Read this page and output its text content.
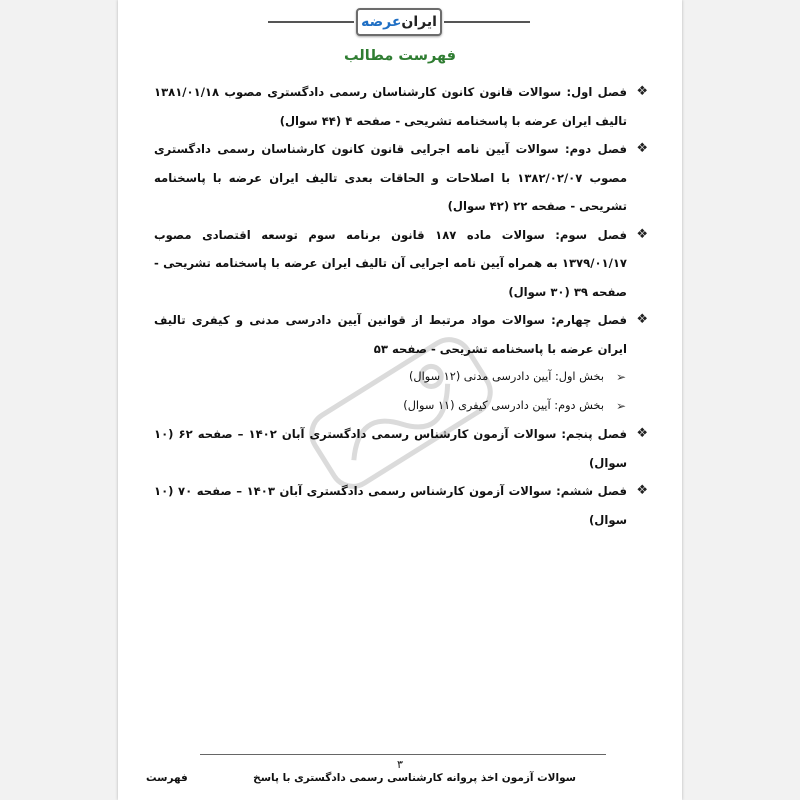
ایران
عرضه
فهرست مطالب
❖
فصل اول: سوالات قانون کانون کارشناسان رسمی دادگستری مصوب ۱۳۸۱/۰۱/۱۸ تالیف ایران عرضه با پاسخنامه تشریحی - صفحه ۴ (۴۴ سوال)
❖
فصل دوم: سوالات آیین نامه اجرایی قانون کانون کارشناسان رسمی دادگستری مصوب ۱۳۸۲/۰۲/۰۷ با اصلاحات و الحاقات بعدی تالیف ایران عرضه با پاسخنامه تشریحی - صفحه ۲۲ (۴۲ سوال)
❖
فصل سوم: سوالات ماده ۱۸۷ قانون برنامه سوم توسعه اقتصادی مصوب ۱۳۷۹/۰۱/۱۷ به همراه آیین نامه اجرایی آن تالیف ایران عرضه با پاسخنامه تشریحی - صفحه ۳۹ (۳۰ سوال)
❖
فصل چهارم: سوالات مواد مرتبط از قوانین آیین دادرسی مدنی و کیفری تالیف ایران عرضه با پاسخنامه تشریحی - صفحه ۵۳
➢
بخش اول: آیین دادرسی مدنی (۱۲ سوال)
➢
بخش دوم: آیین دادرسی کیفری (۱۱ سوال)
❖
فصل پنجم: سوالات آزمون کارشناس رسمی دادگستری آبان ۱۴۰۲ – صفحه ۶۲ (۱۰ سوال)
❖
فصل ششم: سوالات آزمون کارشناس رسمی دادگستری آبان ۱۴۰۳ – صفحه ۷۰ (۱۰ سوال)
۳
فهرست	سوالات آزمون اخذ پروانه کارشناسی رسمی دادگستری با پاسخ
